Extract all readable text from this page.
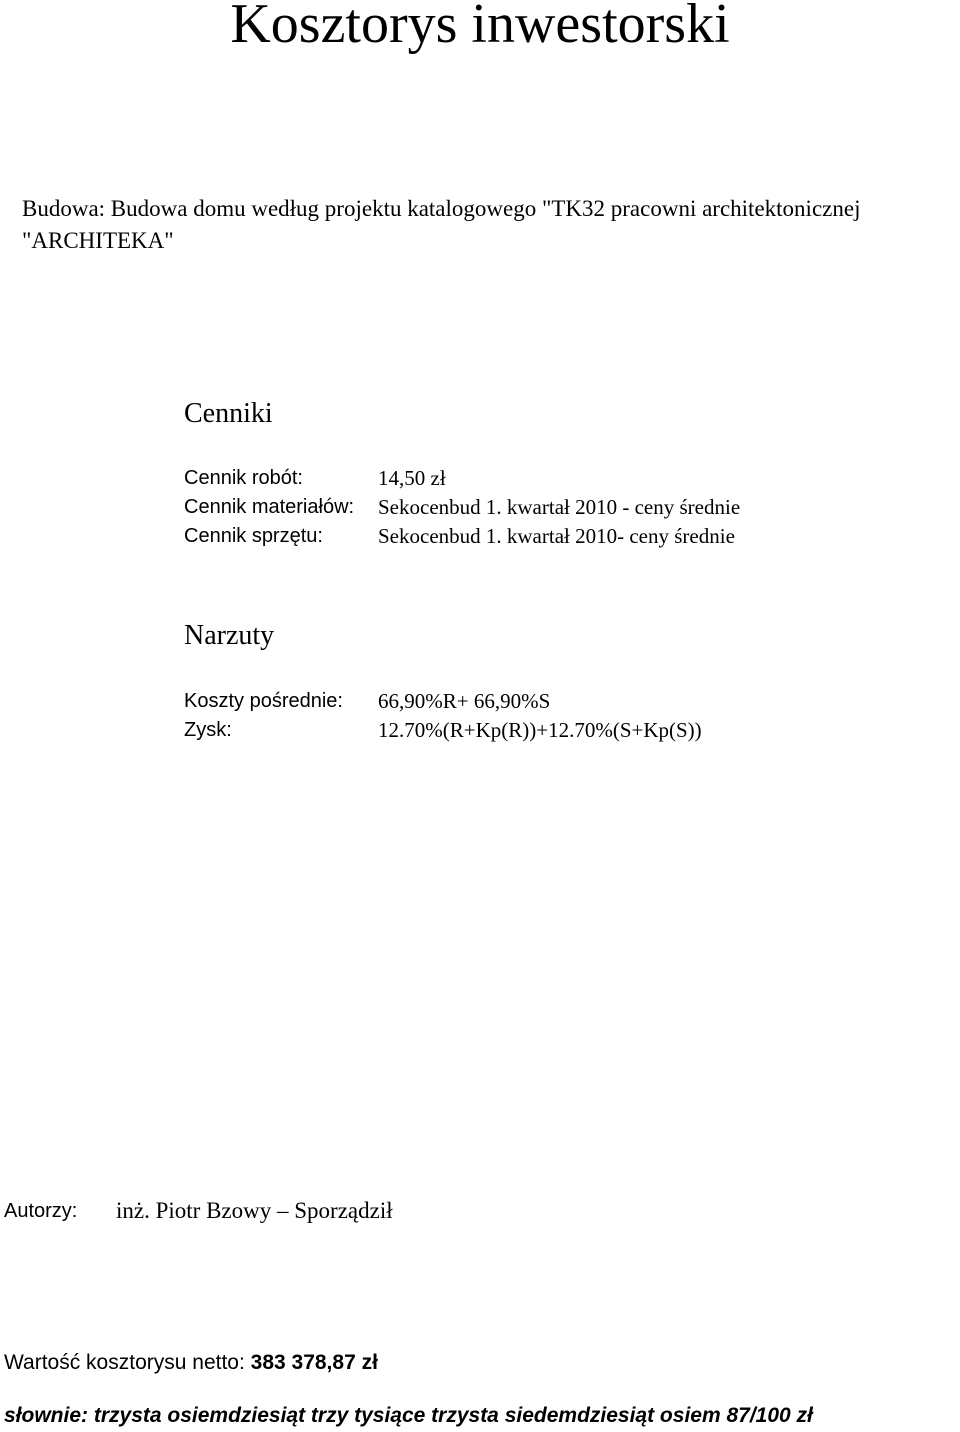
Kosztorys inwestorski
Budowa: Budowa domu według projektu katalogowego "TK32 pracowni architektonicznej
"ARCHITEKA"
Cenniki
Cennik robót:	14,50 zł
Cennik materiałów: Sekocenbud 1. kwartał 2010 - ceny średnie
Cennik sprzętu:	Sekocenbud 1. kwartał 2010- ceny średnie
Narzuty
Koszty pośrednie: 66,90%R+ 66,90%S
Zysk:	12.70%(R+Kp(R))+12.70%(S+Kp(S))
Autorzy: inż. Piotr Bzowy – Sporządził
Wartość kosztorysu netto: 383 378,87 zł
słownie: trzysta osiemdziesiąt trzy tysiące trzysta siedemdziesiąt osiem 87/100 zł
